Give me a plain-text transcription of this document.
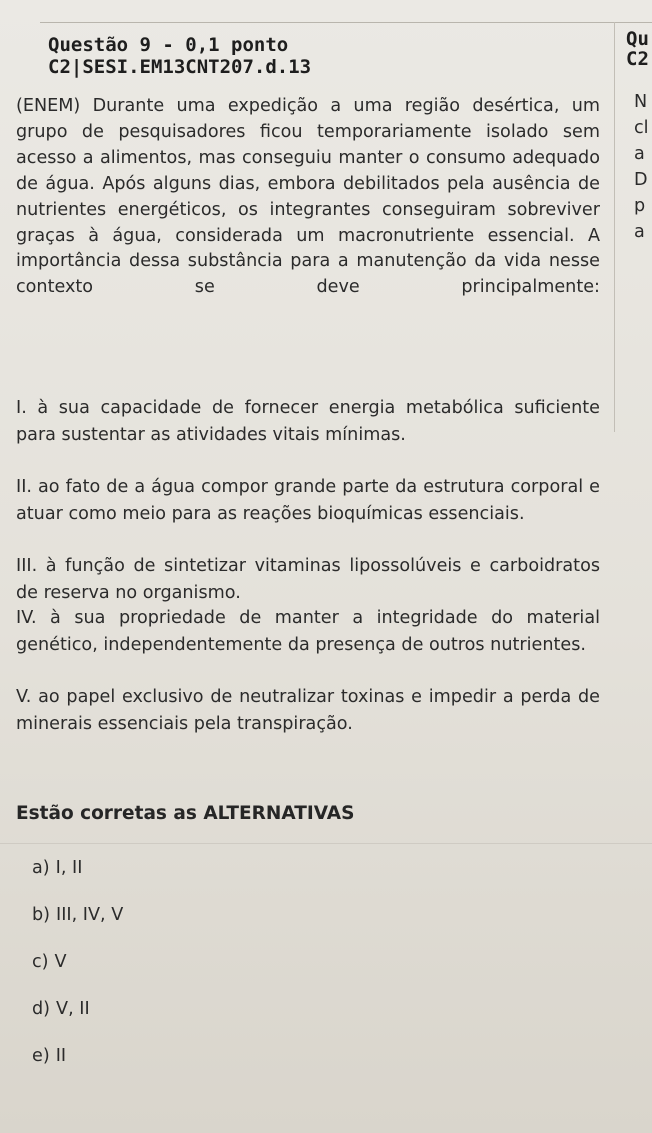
Questão 9 - 0,1 ponto
C2|SESI.EM13CNT207.d.13
(ENEM) Durante uma expedição a uma região desértica, um grupo de pesquisadores ficou temporariamente isolado sem acesso a alimentos, mas conseguiu manter o consumo adequado de água. Após alguns dias, embora debilitados pela ausência de nutrientes energéticos, os integrantes conseguiram sobreviver graças à água, considerada um macronutriente essencial. A importância dessa substância para a manutenção da vida nesse contexto se deve principalmente:
I. à sua capacidade de fornecer energia metabólica suficiente para sustentar as atividades vitais mínimas.
II. ao fato de a água compor grande parte da estrutura corporal e atuar como meio para as reações bioquímicas essenciais.
III. à função de sintetizar vitaminas lipossolúveis e carboidratos de reserva no organismo.
IV. à sua propriedade de manter a integridade do material genético, independentemente da presença de outros nutrientes.
V. ao papel exclusivo de neutralizar toxinas e impedir a perda de minerais essenciais pela transpiração.
Estão corretas as ALTERNATIVAS
a) I, II
b) III, IV, V
c) V
d) V, II
e) II
Qu
C2
N
cl
a
D
p
a
